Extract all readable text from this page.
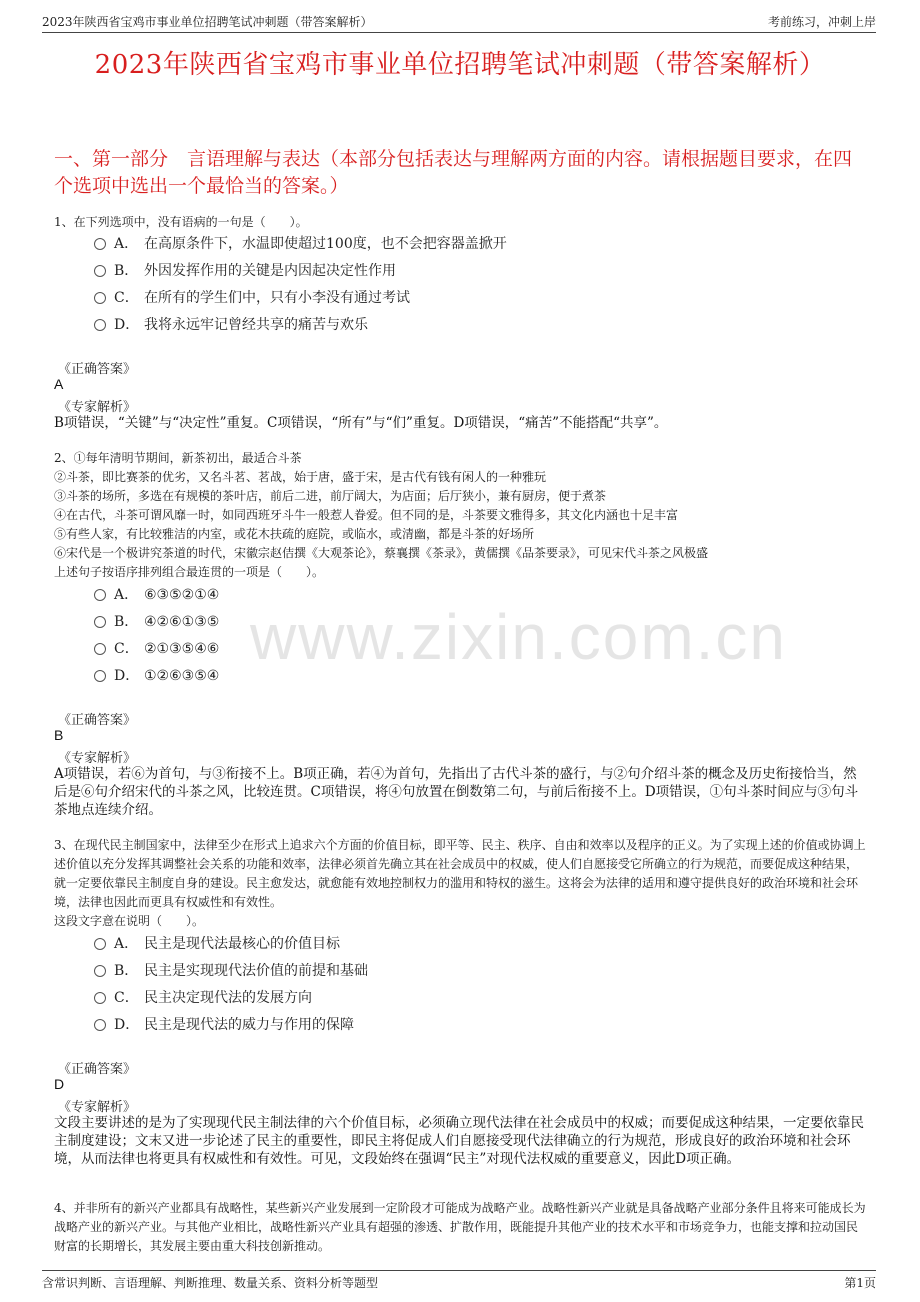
2023年陕西省宝鸡市事业单位招聘笔试冲刺题（带答案解析）	考前练习，冲刺上岸
2023年陕西省宝鸡市事业单位招聘笔试冲刺题（带答案解析）
一、第一部分　言语理解与表达（本部分包括表达与理解两方面的内容。请根据题目要求，在四个选项中选出一个最恰当的答案。）
www.zixin.com.cn
1、在下列选项中，没有语病的一句是（　　）。
A． 在高原条件下，水温即使超过100度，也不会把容器盖掀开
B． 外因发挥作用的关键是内因起决定性作用
C． 在所有的学生们中，只有小李没有通过考试
D． 我将永远牢记曾经共享的痛苦与欢乐
《正确答案》
A
《专家解析》
B项错误，“关键”与“决定性”重复。C项错误，“所有”与“们”重复。D项错误，“痛苦”不能搭配“共享”。
2、①每年清明节期间，新茶初出，最适合斗茶
②斗茶，即比赛茶的优劣，又名斗茗、茗战，始于唐，盛于宋，是古代有钱有闲人的一种雅玩
③斗茶的场所，多选在有规模的茶叶店，前后二进，前厅阔大，为店面；后厅狭小，兼有厨房，便于煮茶
④在古代，斗茶可谓风靡一时，如同西班牙斗牛一般惹人眷爱。但不同的是，斗茶要文雅得多，其文化内涵也十足丰富
⑤有些人家，有比较雅洁的内室，或花木扶疏的庭院，或临水，或清幽，都是斗茶的好场所
⑥宋代是一个极讲究茶道的时代，宋徽宗赵佶撰《大观茶论》，蔡襄撰《茶录》，黄儒撰《品茶要录》，可见宋代斗茶之风极盛
上述句子按语序排列组合最连贯的一项是（　　）。
A． ⑥③⑤②①④
B． ④②⑥①③⑤
C． ②①③⑤④⑥
D． ①②⑥③⑤④
《正确答案》
B
《专家解析》
A项错误，若⑥为首句，与③衔接不上。B项正确，若④为首句，先指出了古代斗茶的盛行，与②句介绍斗茶的概念及历史衔接恰当，然后是⑥句介绍宋代的斗茶之风，比较连贯。C项错误，将④句放置在倒数第二句，与前后衔接不上。D项错误，①句斗茶时间应与③句斗茶地点连续介绍。
3、在现代民主制国家中，法律至少在形式上追求六个方面的价值目标，即平等、民主、秩序、自由和效率以及程序的正义。为了实现上述的价值或协调上述价值以充分发挥其调整社会关系的功能和效率，法律必须首先确立其在社会成员中的权威，使人们自愿接受它所确立的行为规范，而要促成这种结果，就一定要依靠民主制度自身的建设。民主愈发达，就愈能有效地控制权力的滥用和特权的滋生。这将会为法律的适用和遵守提供良好的政治环境和社会环境，法律也因此而更具有权威性和有效性。
这段文字意在说明（　　）。
A． 民主是现代法最核心的价值目标
B． 民主是实现现代法价值的前提和基础
C． 民主决定现代法的发展方向
D． 民主是现代法的威力与作用的保障
《正确答案》
D
《专家解析》
文段主要讲述的是为了实现现代民主制法律的六个价值目标，必须确立现代法律在社会成员中的权威；而要促成这种结果，一定要依靠民主制度建设；文末又进一步论述了民主的重要性，即民主将促成人们自愿接受现代法律确立的行为规范，形成良好的政治环境和社会环境，从而法律也将更具有权威性和有效性。可见，文段始终在强调“民主”对现代法权威的重要意义，因此D项正确。
4、并非所有的新兴产业都具有战略性，某些新兴产业发展到一定阶段才可能成为战略产业。战略性新兴产业就是具备战略产业部分条件且将来可能成长为战略产业的新兴产业。与其他产业相比，战略性新兴产业具有超强的渗透、扩散作用，既能提升其他产业的技术水平和市场竞争力，也能支撑和拉动国民财富的长期增长，其发展主要由重大科技创新推动。
含常识判断、言语理解、判断推理、数量关系、资料分析等题型	第1页
